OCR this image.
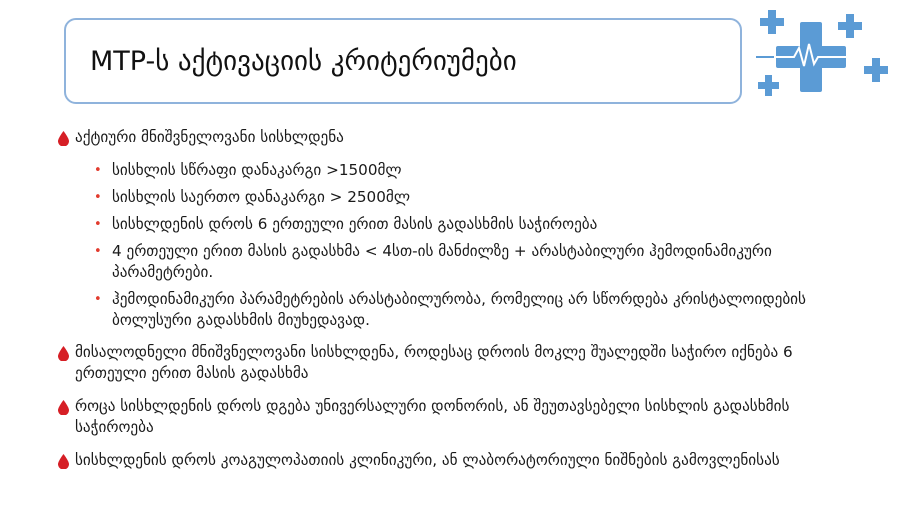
MTP-ს აქტივაციის კრიტერიუმები
აქტიური მნიშვნელოვანი სისხლდენა
• სისხლის სწრაფი დანაკარგი >1500მლ
• სისხლის საერთო დანაკარგი > 2500მლ
• სისხლდენის დროს 6 ერთეული ერით მასის გადასხმის საჭიროება
• 4 ერთეული ერით მასის გადასხმა < 4სთ-ის მანძილზე + არასტაბილური ჰემოდინამიკური პარამეტრები.
• ჰემოდინამიკური პარამეტრების არასტაბილურობა, რომელიც არ სწორდება კრისტალოიდების ბოლუსური გადასხმის მიუხედავად.
მისალოდნელი მნიშვნელოვანი სისხლდენა, როდესაც დროის მოკლე შუალედში საჭირო იქნება 6 ერთეული ერით მასის გადასხმა
როცა სისხლდენის დროს დგება უნივერსალური დონორის, ან შეუთავსებელი სისხლის გადასხმის საჭიროება
სისხლდენის დროს კოაგულოპათიის კლინიკური, ან ლაბორატორიული ნიშნების გამოვლენისას
